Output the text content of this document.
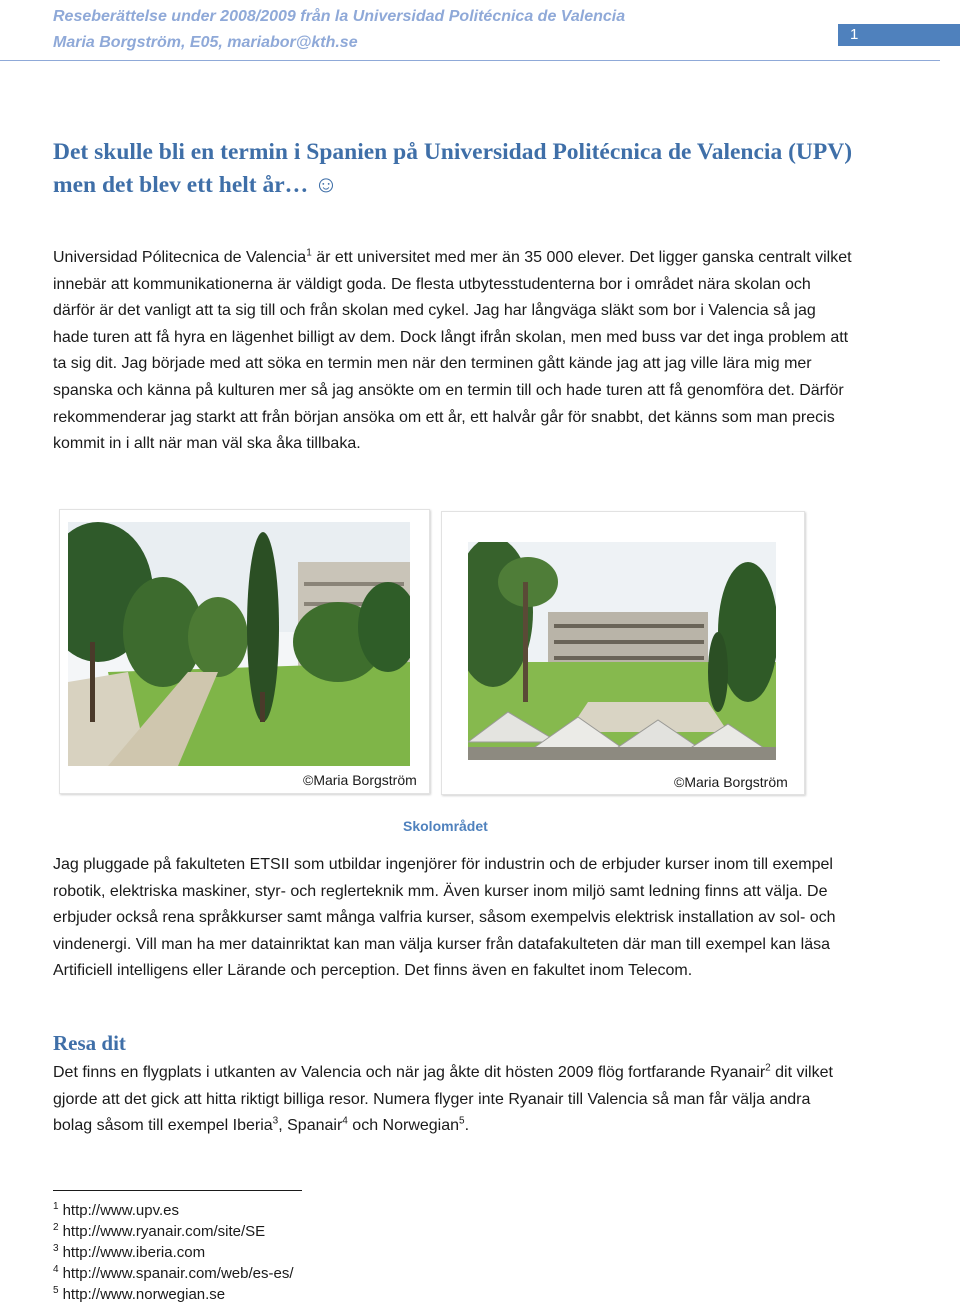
Reseberättelse under 2008/2009 från la Universidad Politécnica de Valencia
Maria Borgström, E05, mariabor@kth.se	1
Det skulle bli en termin i Spanien på Universidad Politécnica de Valencia (UPV) men det blev ett helt år… ☺

Universidad Pólitecnica de Valencia$^1$ är ett universitet med mer än 35 000 elever. Det ligger ganska centralt vilket innebär att kommunikationerna är väldigt goda. De flesta utbytesstudenterna bor i området nära skolan och därför är det vanligt att ta sig till och från skolan med cykel. Jag har långväga släkt som bor i Valencia så jag hade turen att få hyra en lägenhet billigt av dem. Dock långt ifrån skolan, men med buss var det inga problem att ta sig dit. Jag började med att söka en termin men när den terminen gått kände jag att jag ville lära mig mer spanska och känna på kulturen mer så jag ansökte om en termin till och hade turen att få genomföra det. Därför rekommenderar jag starkt att från början ansöka om ett år, ett halvår går för snabbt, det känns som man precis kommit in i allt när man väl ska åka tillbaka.

©Maria Borgström	©Maria Borgström
Skolområdet

Jag pluggade på fakulteten ETSII som utbildar ingenjörer för industrin och de erbjuder kurser inom till exempel robotik, elektriska maskiner, styr- och reglerteknik mm. Även kurser inom miljö samt ledning finns att välja. De erbjuder också rena språkkurser samt många valfria kurser, såsom exempelvis elektrisk installation av sol- och vindenergi. Vill man ha mer datainriktat kan man välja kurser från datafakulteten där man till exempel kan läsa Artificiell intelligens eller Lärande och perception. Det finns även en fakultet inom Telecom.

Resa dit

Det finns en flygplats i utkanten av Valencia och när jag åkte dit hösten 2009 flög fortfarande Ryanair$^2$ dit vilket gjorde att det gick att hitta riktigt billiga resor. Numera flyger inte Ryanair till Valencia så man får välja andra bolag såsom till exempel Iberia$^3$, Spanair$^4$ och Norwegian$^5$.

$^1$ http://www.upv.es
$^2$ http://www.ryanair.com/site/SE
$^3$ http://www.iberia.com
$^4$ http://www.spanair.com/web/es-es/
$^5$ http://www.norwegian.se
